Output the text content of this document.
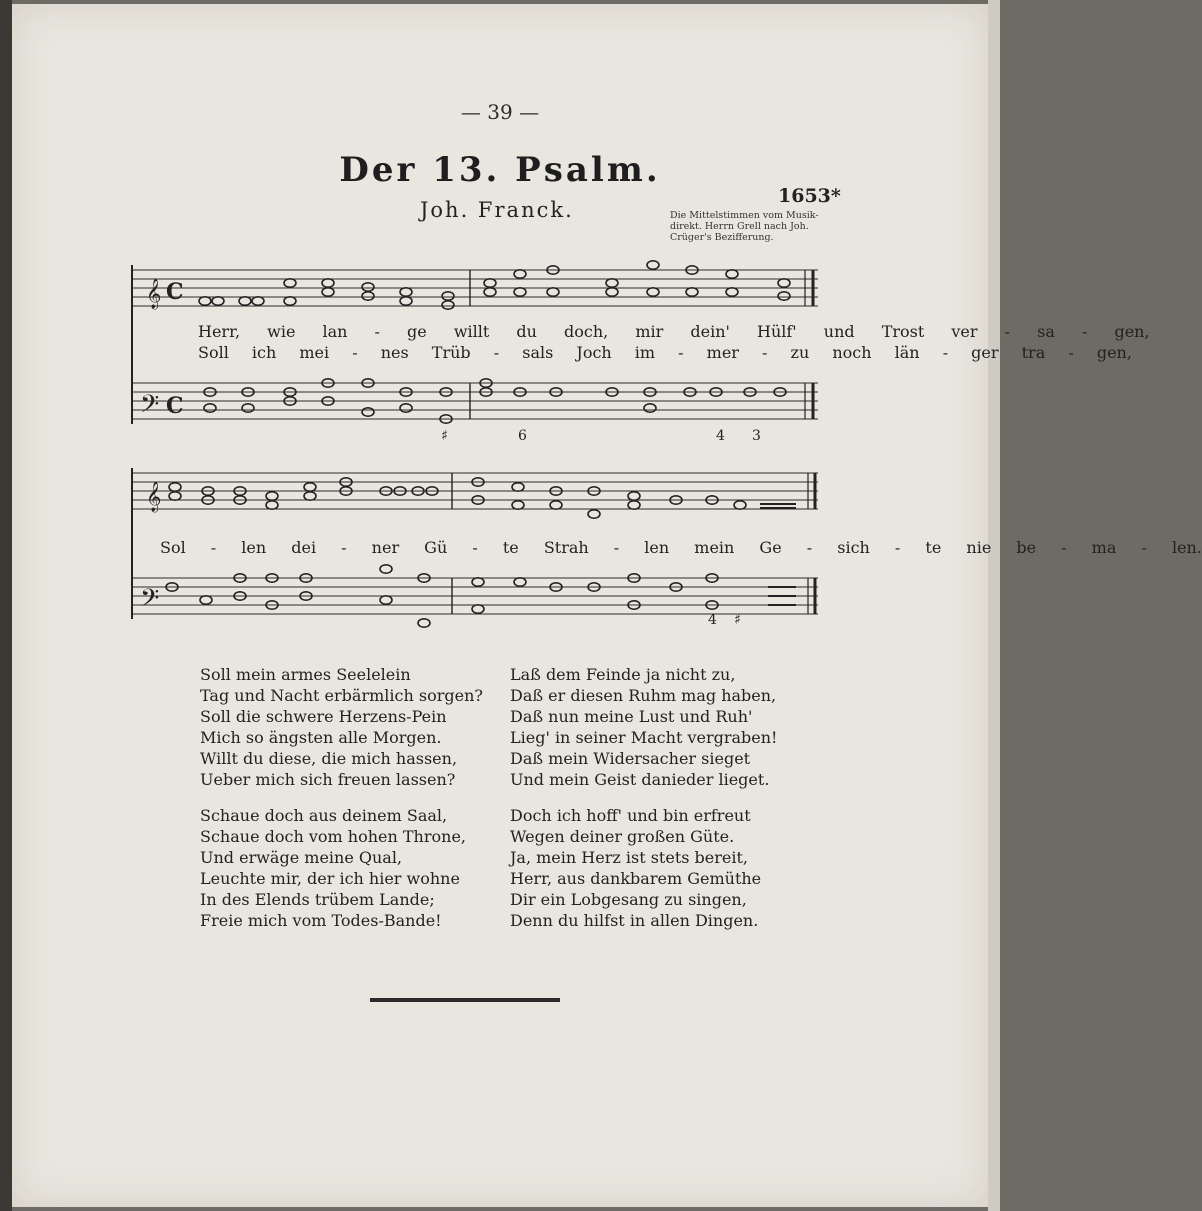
— 39 —
Der 13. Psalm.
Joh. Franck.
1653*
Die Mittelstimmen vom Musik-direkt. Herrn Grell nach Joh. Crüger's Bezifferung.
𝄞
𝄢
𝄞
𝄢
C
C
Herr, wie lan - ge willt du doch, mir dein' Hülf' und Trost ver - sa - gen,
Soll ich mei - nes Trüb - sals Joch im - mer - zu noch län - ger tra - gen,
Sol - len dei - ner Gü - te Strah - len mein Ge - sich - te nie be - ma - len.
♯	6	4 3
4 ♯
Soll mein armes Seelelein
Tag und Nacht erbärmlich sorgen?
Soll die schwere Herzens-Pein
Mich so ängsten alle Morgen.
Willt du diese, die mich hassen,
Ueber mich sich freuen lassen?
Laß dem Feinde ja nicht zu,
Daß er diesen Ruhm mag haben,
Daß nun meine Lust und Ruh'
Lieg' in seiner Macht vergraben!
Daß mein Widersacher sieget
Und mein Geist danieder lieget.
Schaue doch aus deinem Saal,
Schaue doch vom hohen Throne,
Und erwäge meine Qual,
Leuchte mir, der ich hier wohne
In des Elends trübem Lande;
Freie mich vom Todes-Bande!
Doch ich hoff' und bin erfreut
Wegen deiner großen Güte.
Ja, mein Herz ist stets bereit,
Herr, aus dankbarem Gemüthe
Dir ein Lobgesang zu singen,
Denn du hilfst in allen Dingen.
